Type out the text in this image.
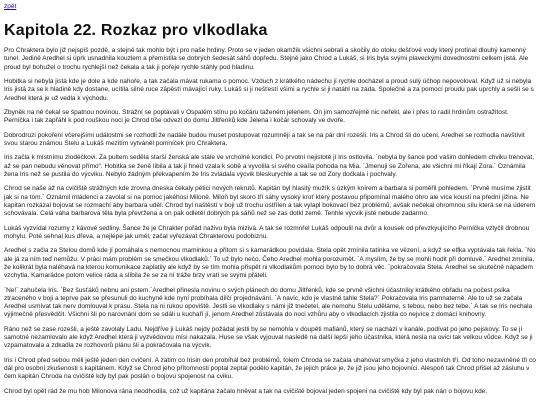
zpět
Kapitola 22. Rozkaz pro vlkodlaka

Pro Chraktera bylo již nejspíš pozdě, a stejně tak mohlo být i pro naše hrdiny. Proto se v jeden okamžik všichni sebrali a skočily do otoku dešťové vody který protínal dlouhý kamenný tunel. Jedině Aredhel si úprk usnadnila kouzlem a přemístila se dobrých šedesát sáhů dopředu. Stejně jako Chrod a Lukáš, si Iris byla svými plaveckými dovednostmi celkem jistá. Ale proud byl bohužel o trochu rychlejší než čekala a tak ji pořeje rychle stáhly pod hladinu.

Hobitka si nebyla jistá kde je dole a kde nahoře, a tak začala mávat rukama o pomoc. Vzduch z krátkého nádechu jí rychle docházel a proud sulý účhop nepovoloval. Když už si nebyla Iris jistá za se k hladině kdy dostane, ucítila silné ruce zápěstí mávající ruky. Lukáš si ji nešťestí všimi a rychle si ji natáhl na záda. Společně a za pomocí proudu pak uprchly a sešli se s Aredhel která je už vedla k východu.

Zbyněk na ně čekal se špatnou novinou. Strážní se poptávali v Ospalém stínu po kočáru taženém jelenem. On jim samozřejmě nic neřekl, ale i přes to radil hrdinům ostražitost. Perníčka i tak zapřáhl k pod rouškou noci je Chrod tíše odvezl do domu Jiltřenků kde Jelena i kočár schovaly ve dvoře.

Dobrodruzi pokoření včerejšími událostmi se rozhodli že nadále budou muset postupovat rozumněji a tak se na pár dní rozešli. Iris a Chrod šli do učení, Aredhel se rozhodla navštívit svou starou známou Stelu a Lukáš mezitím vytváněl pomníček pro Chraktera.

Iris začla k místnímu zloděčkovi. Za pultem seděla starší ženská ale stále ve vrcholné kondici. Po prvotní nejistotě jí Iris ostlovila. `nebyla by šance pod vašim dohledem chviku trénovat, až se pan nebudu věnovat přímo“. Hobitka se ženě líbila a tak ji hned vzala k sobě a vyvolila si svého ceaíla pohoda na Mia. `Jmenuji se Zořena, ale všichni mi říkají Zora.´ Oznámila žena Iris než se pustila do výcviku. Nebylo žádným překvapením že Iris zvládala výcvik bleskurychle a tak se od Zory dočkala i pochvaly.

Chrod se naše až na cvičiště strážných kde zrovna dneska čekaly pětici nových rekrutů. Kapitán byl hlasitý mužík s úzkým knírem a barbara si poměřil pohledem. `Prvně musíme zjistit jak si na tom.´ Oznámil mládenci a zavolal si na pomoc jakéhosi Miloně. Miloň byl skoro tří sáhy vysoký kroť který postavou připomínal malého ohro ale více kousti na přední jižina. Ne kapitán rozkázal bojovat se rozmachí aby barbara uděl. Chrod byl naštěstí v boji už trochu ostřílen a tak vylapl bokovací bez problémů, avšak nečekal ohromnou sílu která se na úderem schovávala. Celá váha barbarova těla byla převržena a on pak odletěl dobrých pá sáhů než se zas dotkl země. Tenhle výcvik jistě nebude zadarmo.

Lukáš vyzvídal rozumy z kávové sedliny. Šance že je Chrakter pořád naživu byla mizivá. A tak se rozmnřel Lukáš odpoulil na dvůr a kousek od převzkyujícího Perníčka vztyčil drobnou mohylu. Poté sehnal kus dřeva, a nejlépe jak uměl, začal vyřezávat Chrakterovu podobiznu.

Aredhel s začla za Stelou domů kde jí pomáhala s nemocnou maminkou a přitom si s kamarádkou povídala. Stela opět zmínila tatínka ve vězení, a když se elfka vyptávala tak řekla. `No ale já za ním teď nemůžu. V práci mám problém se smečkou vlkodlaků.´ To už bylo nečo, Čeho Aredhel mohla porozumět. `A myslím, že by se mohli hodit při domluvě.´ Aredhel zmínila, že kolikrát byla naléhavá na kterou komunikace zaplatily ale když by se tím mohla přispět ni vlkodlakům pomoci bylo by to dobrá věc. `pokračovala Stela. Aredhel se skutečně nápadem vzchytla. Kamarádce potom velice ráda a slíbila že se za ní tráže brzy vratí se svými přáteli.

`Ne!´ zahučela Iris. `Bez šusťáků nebnu ani pstem.´Aredhel přinesla novinu o svých plánech do domu Jiltřenků, kde se prvně všichni účastníky krátkého obřadu na počest psíka ztraceného v boji a teprve pak se přesunuli do kuchyně kde nyní probíhala dílčí projednávání. `A navíc, kdo je vlastně tahle Stela?´ Pokračovala Iris pamnaterně. Ale to už se začala Aredhel usmívat tak nerv domlouval k prasu. Stela na ni rukou opoviště. Jestli se vlkodlaky s námi již tnečetel, ale nemohu Stelu uděláme, s tebou, nebo bez tebe.´ A tak se Iris nechala výjimečně přesvědčit. Všichni šli po narovnání dom se sdáli u kuchaří jí, jenom Aredhel zůstávala do noci vzhůru aby o vlkodlacích zjistila co nejvíce z domácí knihovny.

Ráno než se zase rozešli, a ještě zavolaly Ladu. Nejdříve ji Lukáš nejdy požádal jestli by se nemohla v doupěti mafiánů, který se nachází v kanále, podívat po jeho pejskovy. To se jí samotné nezamlovalo ale když Aredhel která ji vyzvědovou mísi nakazala. Huse se však vyjouval nasledě na další lepší jeho účastníka, která nesla na ovici tak velkou vůdce. Když se ji vzpamatovala a zdkadla ze rozhovorů plánu šli a pokračovala na výcvik.

Iris i Chrod před sebou měli ještě jeden den cvičení. A zatím co Irisin den probíhal bez problémů, tolem Chroda se začala uhahovat smyčka z jeho vlastních tří. Od toho nezaviněné tři co dál pro osobní zkušenosti s kapitánem. Když se Chrod jeho přítomnosti poptal zeptal podělo kapitán, že jejich práce je, že již jsou jeho bojovníci. Alespoň tak Chrod přišel až zásluhu v čem kapitán Chroda na cvičiště kdy byl pak poslán o bojovu spojenost na cviku.

Chrod byl opět rád že mu hob Milonova rána neodhodila, což už kapitána začalo hněvat a tak na cvičiště bojoval jeden spojení na cvičiště kdy byl pak nán o bojovu kde.
